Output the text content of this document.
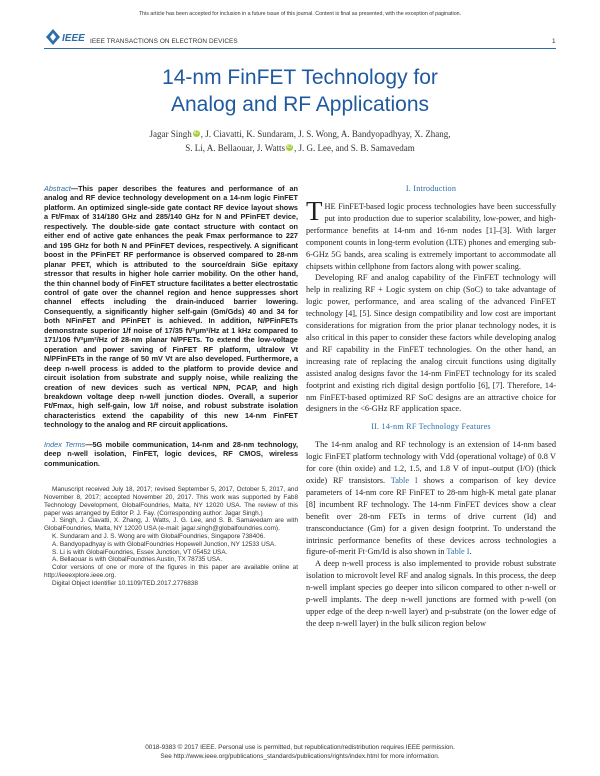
This article has been accepted for inclusion in a future issue of this journal. Content is final as presented, with the exception of pagination.
IEEE IEEE TRANSACTIONS ON ELECTRON DEVICES	1
14-nm FinFET Technology for
Analog and RF Applications
Jagar Singh iD , J. Ciavatti, K. Sundaram, J. S. Wong, A. Bandyopadhyay, X. Zhang,
S. Li, A. Bellaouar, J. Watts iD , J. G. Lee, and S. B. Samavedam

Abstract—This paper describes the features and performance of an analog and RF device technology development on a 14-nm logic FinFET platform. An optimized single-side gate contact RF device layout shows a Ft/Fmax of 314/180 GHz and 285/140 GHz for N and PFinFET device, respectively. The double-side gate contact structure with contact on either end of active gate enhances the peak Fmax performance to 227 and 195 GHz for both N and PFinFET devices, respectively. A significant boost in the PFinFET RF performance is observed compared to 28-nm planar PFET, which is attributed to the source/drain SiGe epitaxy stressor that results in higher hole carrier mobility. On the other hand, the thin channel body of FinFET structure facilitates a better electrostatic control of gate over the channel region and hence suppresses short channel effects including the drain-induced barrier lowering. Consequently, a significantly higher self-gain (Gm/Gds) 40 and 34 for both NFinFET and PFinFET is achieved. In addition, N/PFinFETs demonstrate superior 1/f noise of 17/35 fV²μm²/Hz at 1 kHz compared to 171/106 fV²μm²/Hz of 28-nm planar N/PFETs. To extend the low-voltage operation and power saving of FinFET RF platform, ultralow Vt N/PFinFETs in the range of 50 mV Vt are also developed. Furthermore, a deep n-well process is added to the platform to provide device and circuit isolation from substrate and supply noise, while realizing the creation of new devices such as vertical NPN, PCAP, and high breakdown voltage deep n-well junction diodes. Overall, a superior Ft/Fmax, high self-gain, low 1/f noise, and robust substrate isolation characteristics extend the capability of this new 14-nm FinFET technology to the analog and RF circuit applications.

Index Terms—5G mobile communication, 14-nm and 28-nm technology, deep n-well isolation, FinFET, logic devices, RF CMOS, wireless communication.

Manuscript received July 18, 2017; revised September 5, 2017, October 5, 2017, and November 8, 2017; accepted November 20, 2017. This work was supported by Fab8 Technology Development, GlobalFoundries, Malta, NY 12020 USA. The review of this paper was arranged by Editor P. J. Fay. (Corresponding author: Jagar Singh.)

J. Singh, J. Ciavatti, X. Zhang, J. Watts, J. G. Lee, and S. B. Samavedam are with GlobalFoundries, Malta, NY 12020 USA (e-mail: jagar.singh@globalfoundries.com).

K. Sundaram and J. S. Wong are with GlobalFoundries, Singapore 738406.

A. Bandyopadhyay is with GlobalFoundries Hopewell Junction, NY 12533 USA.

S. Li is with GlobalFoundries, Essex Junction, VT 05452 USA.

A. Bellaouar is with GlobalFoundries Austin, TX 78735 USA.

Color versions of one or more of the figures in this paper are available online at http://ieeexplore.ieee.org.

Digital Object Identifier 10.1109/TED.2017.2776838

I. Introduction

THE FinFET-based logic process technologies have been successfully put into production due to superior scalability, low-power, and high-performance benefits at 14-nm and 16-nm nodes [1]–[3]. With larger component counts in long-term evolution (LTE) phones and emerging sub-6-GHz 5G bands, area scaling is extremely important to accommodate all chipsets within cellphone from factors along with power scaling.

Developing RF and analog capability of the FinFET technology will help in realizing RF + Logic system on chip (SoC) to take advantage of logic power, performance, and area scaling of the advanced FinFET technology [4], [5]. Since design compatibility and low cost are important considerations for migration from the prior planar technology nodes, it is also critical in this paper to consider these factors while developing analog and RF capability in the FinFET technologies. On the other hand, an increasing rate of replacing the analog circuit functions using digitally assisted analog designs favor the 14-nm FinFET technology for its scaled footprint and existing rich digital design portfolio [6], [7]. Therefore, 14-nm FinFET-based optimized RF SoC designs are an attractive choice for designers in the <6-GHz RF application space.

II. 14-nm RF Technology Features

The 14-nm analog and RF technology is an extension of 14-nm based logic FinFET platform technology with Vdd (operational voltage) of 0.8 V for core (thin oxide) and 1.2, 1.5, and 1.8 V of input–output (I/O) (thick oxide) RF transistors. Table I shows a comparison of key device parameters of 14-nm core RF FinFET to 28-nm high-K metal gate planar [8] incumbent RF technology. The 14-nm FinFET devices show a clear benefit over 28-nm FETs in terms of drive current (Id) and transconductance (Gm) for a given design footprint. To understand the intrinsic performance benefits of these devices across technologies a figure-of-merit Ft·Gm/Id is also shown in Table I.

A deep n-well process is also implemented to provide robust substrate isolation to microvolt level RF and analog signals. In this process, the deep n-well implant species go deeper into silicon compared to other n-well or p-well implants. The deep n-well junctions are formed with p-well (on upper edge of the deep n-well layer) and p-substrate (on the lower edge of the deep n-well layer) in the bulk silicon region below

0018-9383 © 2017 IEEE. Personal use is permitted, but republication/redistribution requires IEEE permission.
See http://www.ieee.org/publications_standards/publications/rights/index.html for more information.
